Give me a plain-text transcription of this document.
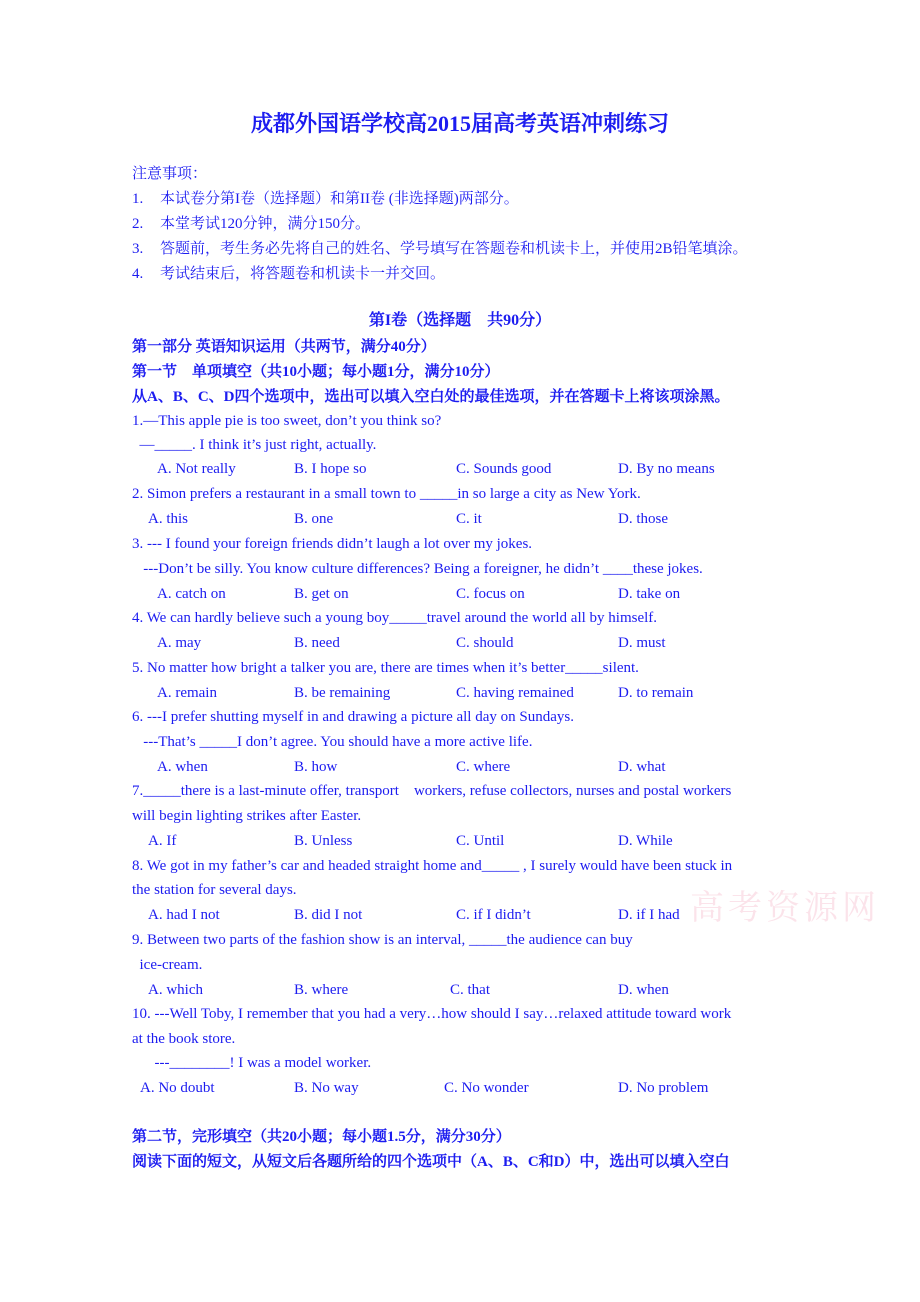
高考资源网
成都外国语学校高2015届高考英语冲刺练习
注意事项：
1. 本试卷分第I卷（选择题）和第II卷 (非选择题)两部分。
2. 本堂考试120分钟，满分150分。
3. 答题前，考生务必先将自己的姓名、学号填写在答题卷和机读卡上，并使用2B铅笔填涂。
4. 考试结束后，将答题卷和机读卡一并交回。
第I卷（选择题　共90分）
第一部分 英语知识运用（共两节，满分40分）
第一节　单项填空（共10小题；每小题1分，满分10分）
从A、B、C、D四个选项中，选出可以填入空白处的最佳选项，并在答题卡上将该项涂黑。
1.—This apple pie is too sweet, don’t you think so?
—_____. I think it’s just right, actually.
A. Not really	B. I hope so	C. Sounds good	D. By no means
2. Simon prefers a restaurant in a small town to _____in so large a city as New York.
A. this	B. one	C. it	D. those
3. --- I found your foreign friends didn’t laugh a lot over my jokes.
---Don’t be silly. You know culture differences? Being a foreigner, he didn’t ____these jokes.
A. catch on	B. get on	C. focus on	D. take on
4. We can hardly believe such a young boy_____travel around the world all by himself.
A. may	B. need	C. should	D. must
5. No matter how bright a talker you are, there are times when it’s better_____silent.
A. remain	B. be remaining	C. having remained	D. to remain
6. ---I prefer shutting myself in and drawing a picture all day on Sundays.
---That’s _____I don’t agree. You should have a more active life.
A. when	B. how	C. where	D. what
7._____there is a last-minute offer, transport    workers, refuse collectors, nurses and postal workers
will begin lighting strikes after Easter.
A. If	B. Unless	C. Until	D. While
8. We got in my father’s car and headed straight home and_____ , I surely would have been stuck in
the station for several days.
A. had I not	B. did I not	C. if I didn’t	D. if I had
9. Between two parts of the fashion show is an interval, _____the audience can buy
ice-cream.
A. which	B. where	C. that	D. when
10. ---Well Toby, I remember that you had a very…how should I say…relaxed attitude toward work
at the book store.
---________! I was a model worker.
A. No doubt	B. No way	C. No wonder	D. No problem
第二节，完形填空（共20小题；每小题1.5分，满分30分）
阅读下面的短文，从短文后各题所给的四个选项中（A、B、C和D）中，选出可以填入空白
